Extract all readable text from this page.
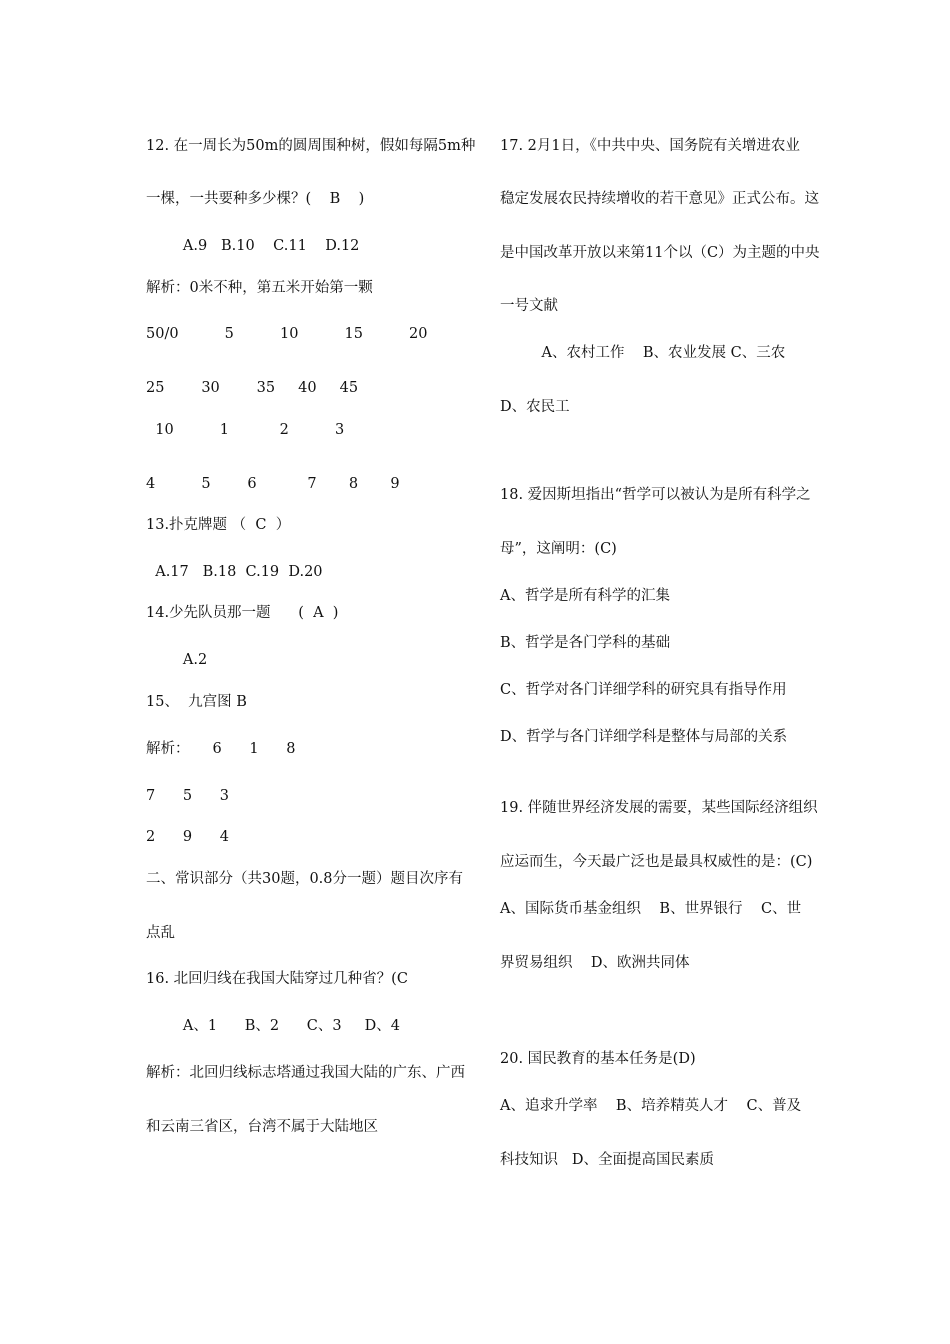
12. 在一周长为50m的圆周围种树，假如每隔5m种
一棵，一共要种多少棵？(    B    )
A.9   B.10    C.11    D.12
解析：0米不种，第五米开始第一颗
50/0          5          10          15          20
25        30        35     40     45
10          1           2          3
4          5        6           7       8       9
13.扑克牌题 （  C  ）
A.17   B.18  C.19  D.20
14.少先队员那一题      (  A  )
A.2
15、  九宫图 B
解析：     6      1      8
7      5      3
2      9      4
二、常识部分（共30题，0.8分一题）题目次序有
点乱
16. 北回归线在我国大陆穿过几种省？(C
A、1      B、2      C、3     D、4
解析：北回归线标志塔通过我国大陆的广东、广西
和云南三省区，台湾不属于大陆地区
17. 2月1日，《中共中央、国务院有关增进农业
稳定发展农民持续增收的若干意见》正式公布。这
是中国改革开放以来第11个以（C）为主题的中央
一号文献
A、农村工作    B、农业发展 C、三农
D、农民工
18. 爱因斯坦指出“哲学可以被认为是所有科学之
母”，这阐明：(C)
A、哲学是所有科学的汇集
B、哲学是各门学科的基础
C、哲学对各门详细学科的研究具有指导作用
D、哲学与各门详细学科是整体与局部的关系
19. 伴随世界经济发展的需要，某些国际经济组织
应运而生，今天最广泛也是最具权威性的是：(C)
A、国际货币基金组织    B、世界银行    C、世
界贸易组织    D、欧洲共同体
20. 国民教育的基本任务是(D)
A、追求升学率    B、培养精英人才    C、普及
科技知识   D、全面提高国民素质
